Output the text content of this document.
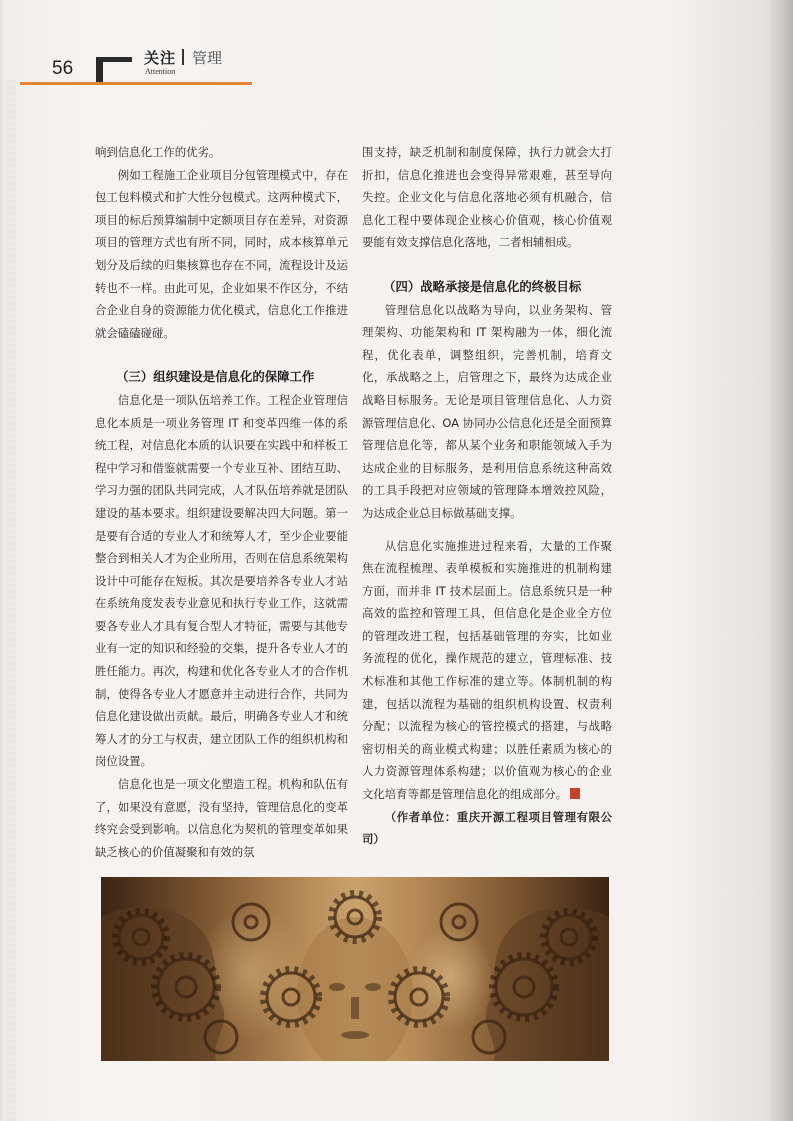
56	关注 管理
Attention

响到信息化工作的优劣。

例如工程施工企业项目分包管理模式中，存在包工包料模式和扩大性分包模式。这两种模式下，项目的标后预算编制中定额项目存在差异，对资源项目的管理方式也有所不同，同时，成本核算单元划分及后续的归集核算也存在不同，流程设计及运转也不一样。由此可见，企业如果不作区分，不结合企业自身的资源能力优化模式，信息化工作推进就会磕磕碰碰。

（三）组织建设是信息化的保障工作

信息化是一项队伍培养工作。工程企业管理信息化本质是一项业务管理 IT 和变革四维一体的系统工程，对信息化本质的认识要在实践中和样板工程中学习和借鉴就需要一个专业互补、团结互助、学习力强的团队共同完成，人才队伍培养就是团队建设的基本要求。组织建设要解决四大问题。第一是要有合适的专业人才和统筹人才，至少企业要能整合到相关人才为企业所用，否则在信息系统架构设计中可能存在短板。其次是要培养各专业人才站在系统角度发表专业意见和执行专业工作，这就需要各专业人才具有复合型人才特征，需要与其他专业有一定的知识和经验的交集，提升各专业人才的胜任能力。再次，构建和优化各专业人才的合作机制，使得各专业人才愿意并主动进行合作，共同为信息化建设做出贡献。最后，明确各专业人才和统筹人才的分工与权责，建立团队工作的组织机构和岗位设置。

信息化也是一项文化塑造工程。机构和队伍有了，如果没有意愿，没有坚持，管理信息化的变革终究会受到影响。以信息化为契机的管理变革如果缺乏核心的价值凝聚和有效的氛

围支持，缺乏机制和制度保障，执行力就会大打折扣，信息化推进也会变得异常艰难，甚至导向失控。企业文化与信息化落地必须有机融合，信息化工程中要体现企业核心价值观，核心价值观要能有效支撑信息化落地，二者相辅相成。

（四）战略承接是信息化的终极目标

管理信息化以战略为导向，以业务架构、管理架构、功能架构和 IT 架构融为一体，细化流程，优化表单，调整组织，完善机制，培育文化，承战略之上，启管理之下，最终为达成企业战略目标服务。无论是项目管理信息化、人力资源管理信息化、OA 协同办公信息化还是全面预算管理信息化等，都从某个业务和职能领域入手为达成企业的目标服务，是利用信息系统这种高效的工具手段把对应领域的管理降本增效控风险，为达成企业总目标做基础支撑。

从信息化实施推进过程来看，大量的工作聚焦在流程梳理、表单模板和实施推进的机制构建方面，而并非 IT 技术层面上。信息系统只是一种高效的监控和管理工具，但信息化是企业全方位的管理改进工程，包括基础管理的夯实，比如业务流程的优化，操作规范的建立，管理标准、技术标准和其他工作标准的建立等。体制机制的构建，包括以流程为基础的组织机构设置、权责利分配；以流程为核心的管控模式的搭建，与战略密切相关的商业模式构建；以胜任素质为核心的人力资源管理体系构建；以价值观为核心的企业文化培育等都是管理信息化的组成部分。

（作者单位：重庆开源工程项目管理有限公司）
